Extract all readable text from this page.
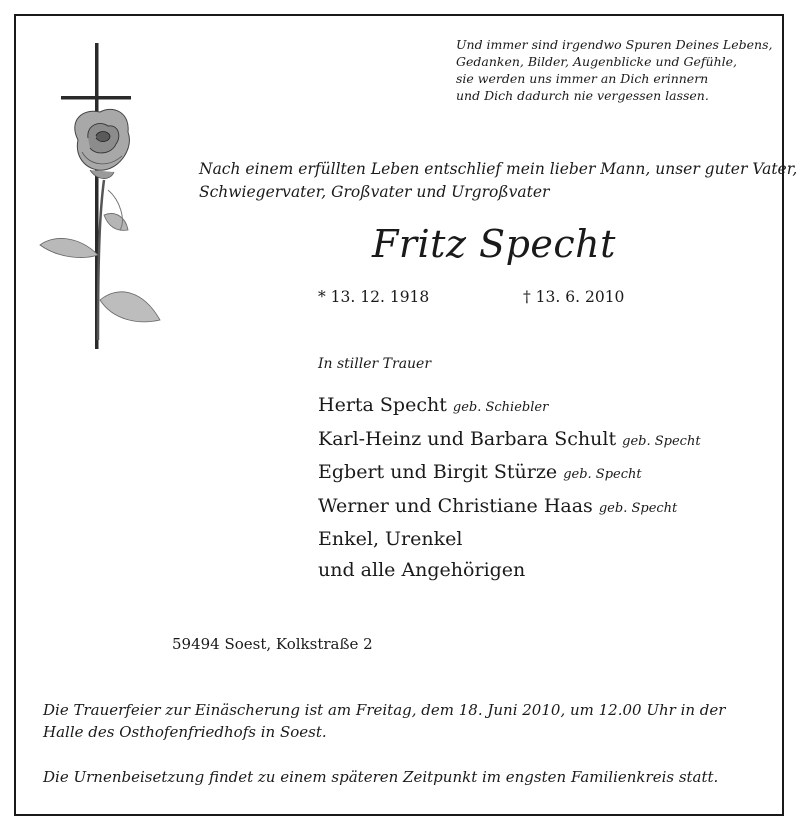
Und immer sind irgendwo Spuren Deines Lebens,
Gedanken, Bilder, Augenblicke und Gefühle,
sie werden uns immer an Dich erinnern
und Dich dadurch nie vergessen lassen.
Nach einem erfüllten Leben entschlief mein lieber Mann, unser guter Vater,
Schwiegervater, Großvater und Urgroßvater
Fritz Specht
* 13. 12. 1918	† 13. 6. 2010
In stiller Trauer
Herta Specht geb. Schiebler
Karl-Heinz und Barbara Schult geb. Specht
Egbert und Birgit Stürze geb. Specht
Werner und Christiane Haas geb. Specht
Enkel, Urenkel
und alle Angehörigen
59494 Soest, Kolkstraße 2
Die Trauerfeier zur Einäscherung ist am Freitag, dem 18. Juni 2010, um 12.00 Uhr in der Halle des Osthofenfriedhofs in Soest.
Die Urnenbeisetzung findet zu einem späteren Zeitpunkt im engsten Familienkreis statt.
